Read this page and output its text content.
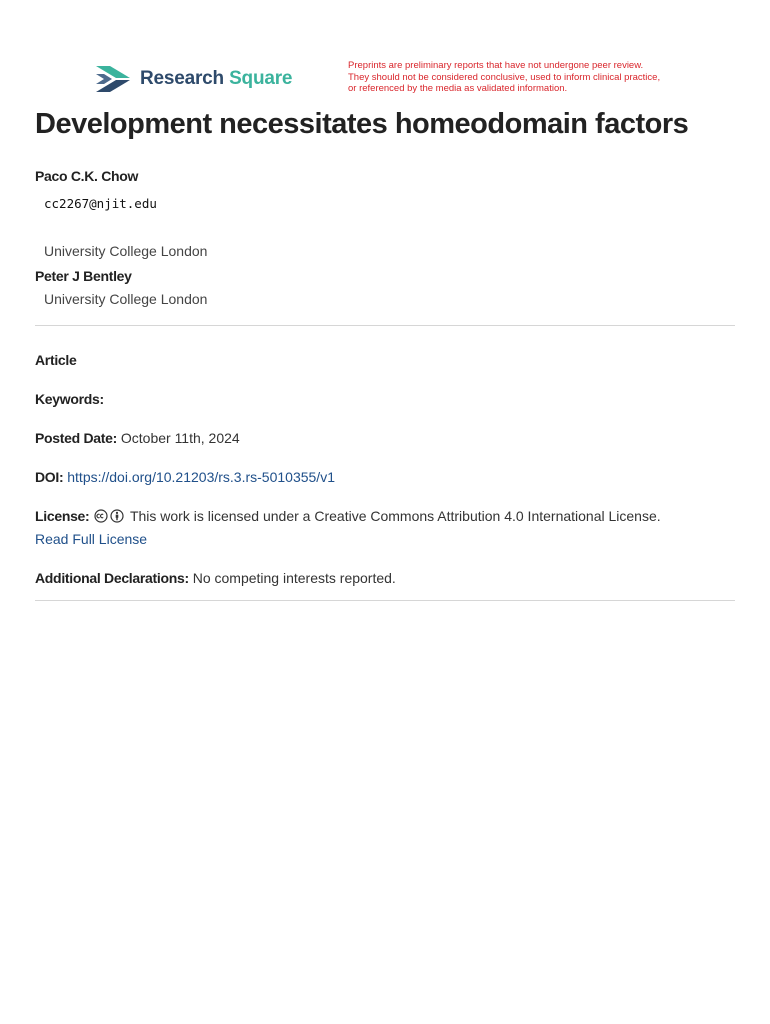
Research Square
Preprints are preliminary reports that have not undergone peer review.
They should not be considered conclusive, used to inform clinical practice,
or referenced by the media as validated information.
Development necessitates homeodomain factors
Paco C.K. Chow
cc2267@njit.edu
University College London
Peter J Bentley
University College London
Article
Keywords:
Posted Date: October 11th, 2024
DOI: https://doi.org/10.21203/rs.3.rs-5010355/v1
License:	This work is licensed under a Creative Commons Attribution 4.0 International License.
Read Full License
Additional Declarations: No competing interests reported.
